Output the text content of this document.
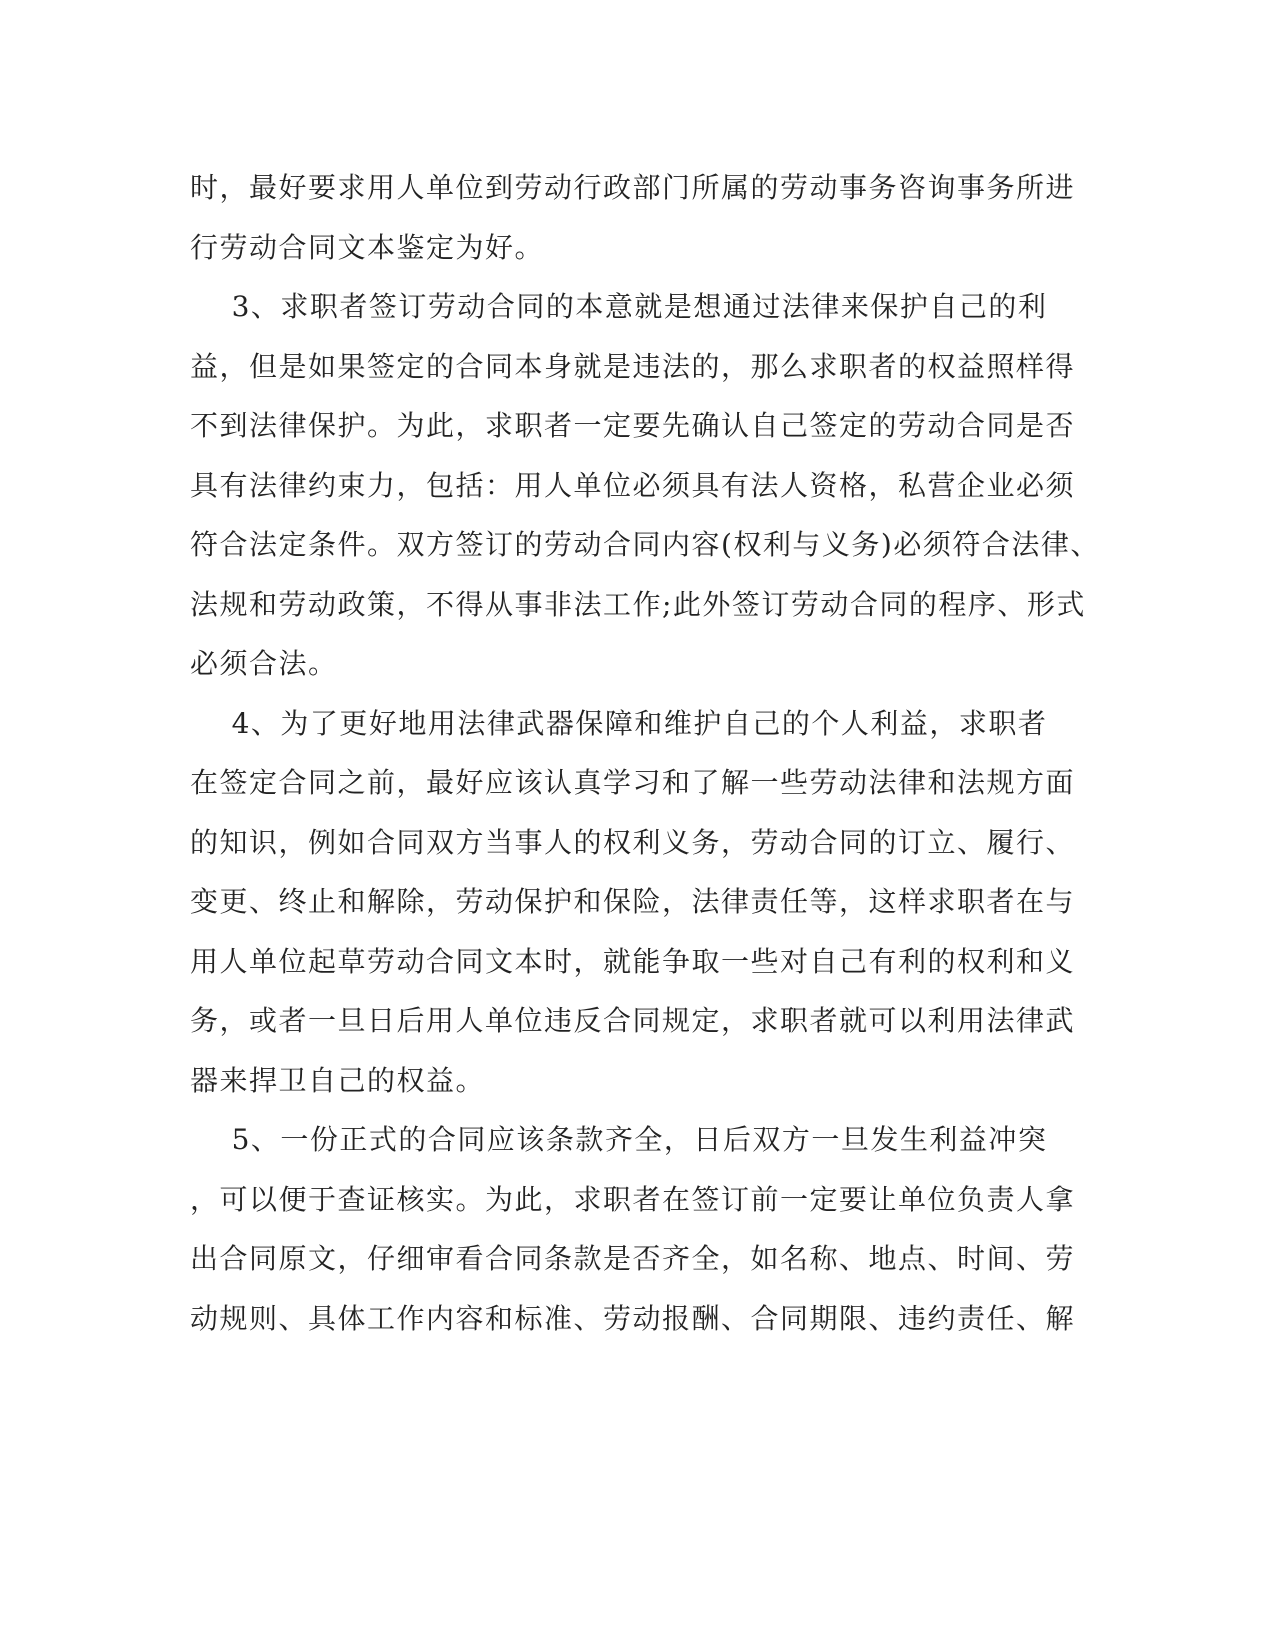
时，最好要求用人单位到劳动行政部门所属的劳动事务咨询事务所进
行劳动合同文本鉴定为好。
3、求职者签订劳动合同的本意就是想通过法律来保护自己的利
益，但是如果签定的合同本身就是违法的，那么求职者的权益照样得
不到法律保护。为此，求职者一定要先确认自己签定的劳动合同是否
具有法律约束力，包括：用人单位必须具有法人资格，私营企业必须
符合法定条件。双方签订的劳动合同内容(权利与义务)必须符合法律、
法规和劳动政策，不得从事非法工作;此外签订劳动合同的程序、形式
必须合法。
4、为了更好地用法律武器保障和维护自己的个人利益，求职者
在签定合同之前，最好应该认真学习和了解一些劳动法律和法规方面
的知识，例如合同双方当事人的权利义务，劳动合同的订立、履行、
变更、终止和解除，劳动保护和保险，法律责任等，这样求职者在与
用人单位起草劳动合同文本时，就能争取一些对自己有利的权利和义
务，或者一旦日后用人单位违反合同规定，求职者就可以利用法律武
器来捍卫自己的权益。
5、一份正式的合同应该条款齐全，日后双方一旦发生利益冲突
，可以便于查证核实。为此，求职者在签订前一定要让单位负责人拿
出合同原文，仔细审看合同条款是否齐全，如名称、地点、时间、劳
动规则、具体工作内容和标准、劳动报酬、合同期限、违约责任、解
